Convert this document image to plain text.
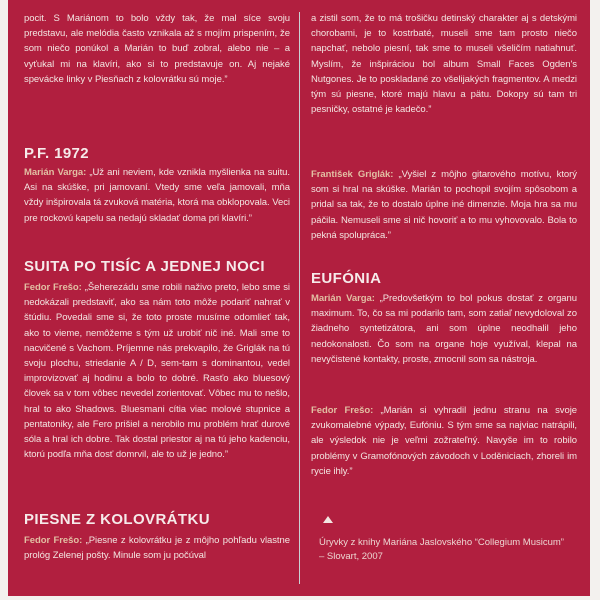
pocit. S Mariánom to bolo vždy tak, že mal síce svoju predstavu, ale melódia často vznikala až s mojím prispením, že som niečo ponúkol a Marián to buď zobral, alebo nie – a vyťukal mi na klavíri, ako si to predstavuje on. Aj nejaké spevácke linky v Piesňach z kolovrátku sú moje.”

P.F. 1972

Marián Varga: „Už ani neviem, kde vznikla myšlienka na suitu. Asi na skúške, pri jamovaní. Vtedy sme veľa jamovali, mňa vždy inšpirovala tá zvuková matéria, ktorá ma obklopovala. Veci pre rockovú kapelu sa nedajú skladať doma pri klavíri.”

SUITA PO TISÍC A JEDNEJ NOCI

Fedor Frešo: „Šeherezádu sme robili naživo preto, lebo sme si nedokázali predstaviť, ako sa nám toto môže podariť nahrať v štúdiu. Povedali sme si, že toto proste musíme odomlieť tak, ako to vieme, nemôžeme s tým už urobiť nič iné. Mali sme to nacvičené s Vachom. Príjemne nás prekvapilo, že Griglák na tú svoju plochu, striedanie A / D, sem-tam s dominantou, vedel improvizovať aj hodinu a bolo to dobré. Rasťo ako bluesový človek sa v tom vôbec nevedel zorientovať. Vôbec mu to nešlo, hral to ako Shadows. Bluesmani cítia viac molové stupnice a pentatoniky, ale Fero prišiel a nerobilo mu problém hrať durové sóla a hral ich dobre. Tak dostal priestor aj na tú jeho kadenciu, ktorú podľa mňa dosť domrvil, ale to už je jedno.”

PIESNE Z KOLOVRÁTKU

Fedor Frešo: „Piesne z kolovrátku je z môjho pohľadu vlastne prológ Zelenej pošty. Minule som ju počúval

a zistil som, že to má trošičku detinský charakter aj s detskými chorobami, je to kostrbaté, museli sme tam prosto niečo napchať, nebolo piesní, tak sme to museli všeličím natiahnuť. Myslím, že inšpiráciou bol album Small Faces Ogden's Nutgones. Je to poskladané zo všelijakých fragmentov. A medzi tým sú piesne, ktoré majú hlavu a pätu. Dokopy sú tam tri pesničky, ostatné je kadečo.”

František Griglák: „Vyšiel z môjho gitarového motívu, ktorý som si hral na skúške. Marián to pochopil svojím spôsobom a pridal sa tak, že to dostalo úplne iné dimenzie. Moja hra sa mu páčila. Nemuseli sme si nič hovoriť a to mu vyhovovalo. Bola to pekná spolupráca.”

EUFÓNIA

Marián Varga: „Predovšetkým to bol pokus dostať z organu maximum. To, čo sa mi podarilo tam, som zatiaľ nevydoloval zo žiadneho syntetizátora, ani som úplne neodhalil jeho nedokonalosti. Čo som na organe hoje využíval, klepal na nevyčistené kontakty, proste, zmocnil som sa nástroja.

Fedor Frešo: „Marián si vyhradil jednu stranu na svoje zvukomalebné výpady, Eufóniu. S tým sme sa najviac natrápili, ale výsledok nie je veľmi zožrateľný. Navyše im to robilo problémy v Gramofónových závodoch v Loděniciach, zhoreli im rycie ihly.”

Úryvky z knihy Mariána Jaslovského “Collegium Musicum” – Slovart, 2007
